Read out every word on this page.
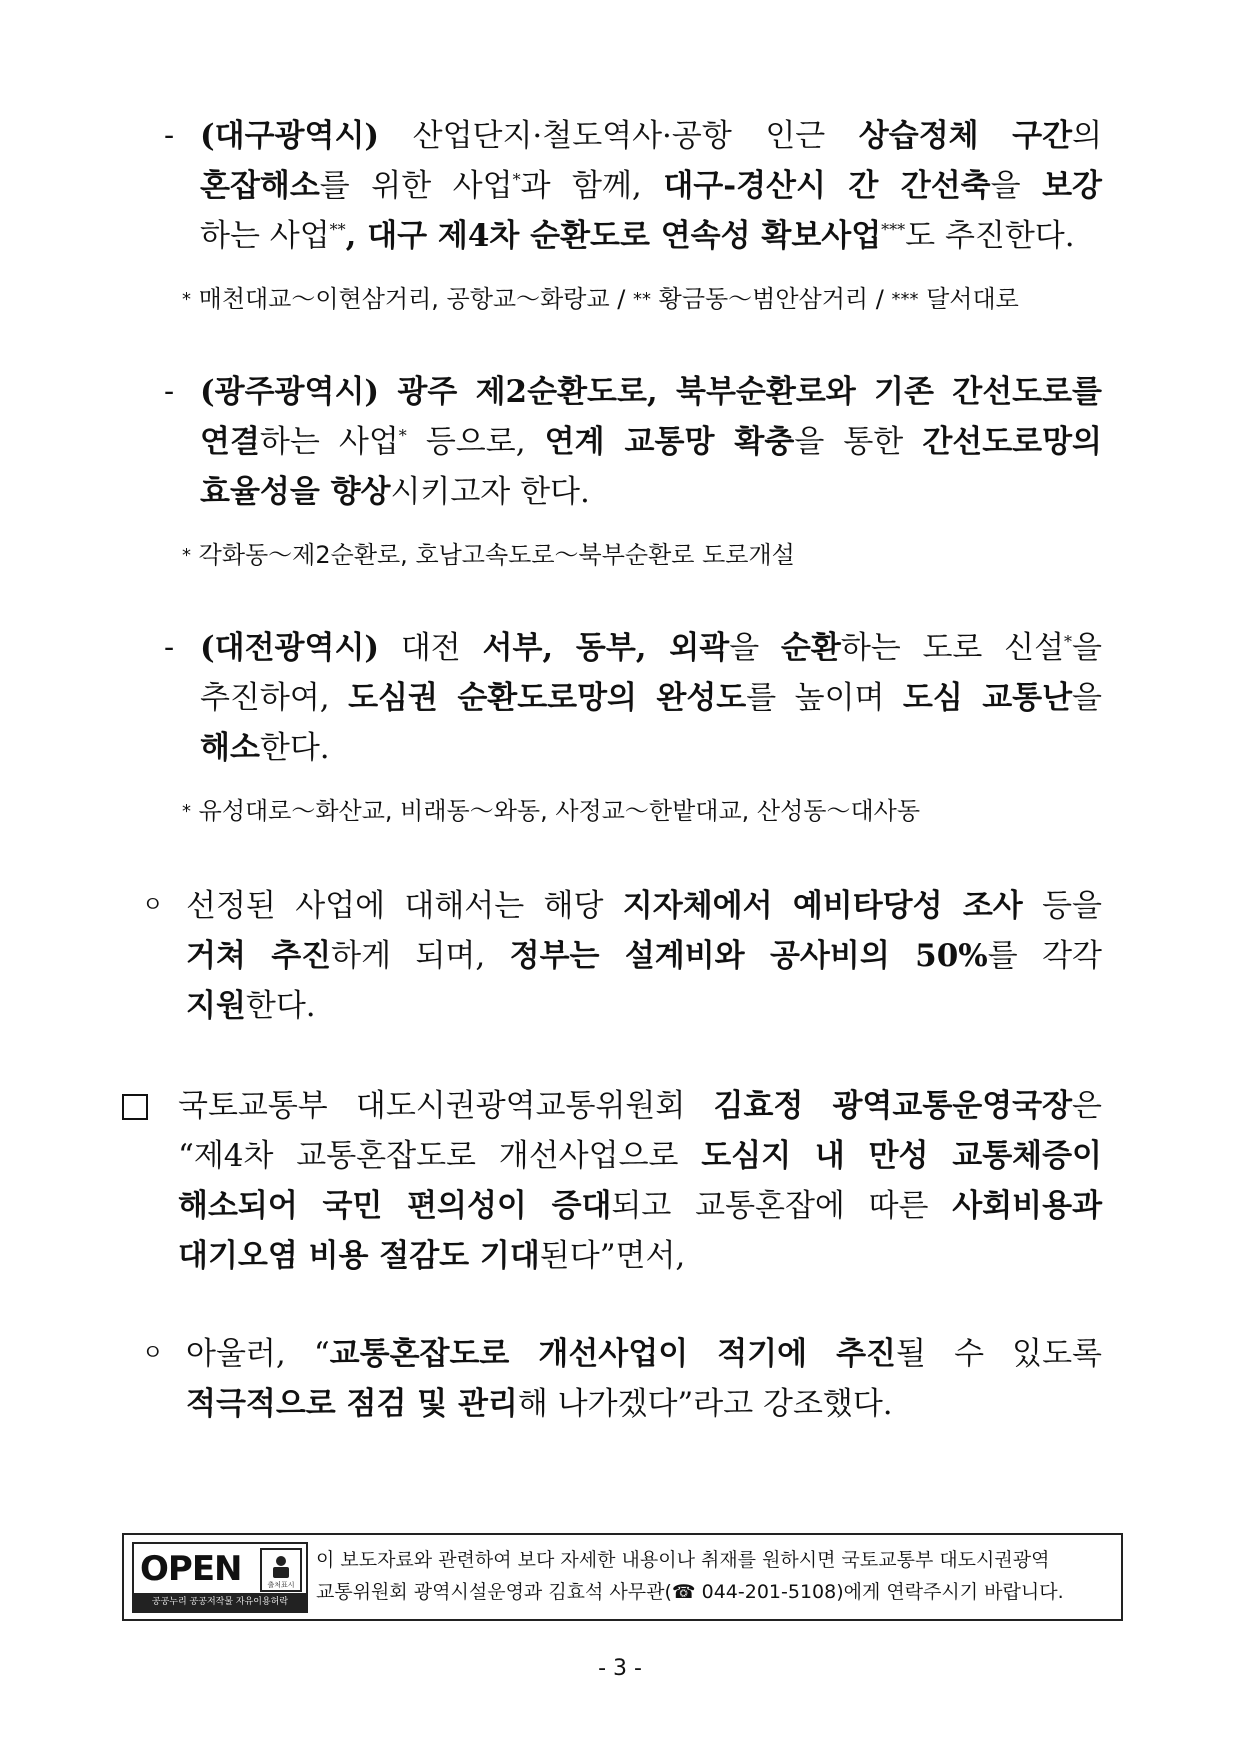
- (대구광역시) 산업단지·철도역사·공항 인근 상습정체 구간의
혼잡해소를 위한 사업*과 함께, 대구-경산시 간 간선축을 보강
하는 사업**, 대구 제4차 순환도로 연속성 확보사업***도 추진한다.
* 매천대교～이현삼거리, 공항교～화랑교 / ** 황금동～범안삼거리 / *** 달서대로
- (광주광역시) 광주 제2순환도로, 북부순환로와 기존 간선도로를
연결하는 사업* 등으로, 연계 교통망 확충을 통한 간선도로망의
효율성을 향상시키고자 한다.
* 각화동～제2순환로, 호남고속도로～북부순환로 도로개설
- (대전광역시) 대전 서부, 동부, 외곽을 순환하는 도로 신설*을
추진하여, 도심권 순환도로망의 완성도를 높이며 도심 교통난을
해소한다.
* 유성대로～화산교, 비래동～와동, 사정교～한밭대교, 산성동～대사동
ㅇ 선정된 사업에 대해서는 해당 지자체에서 예비타당성 조사 등을
거쳐 추진하게 되며, 정부는 설계비와 공사비의 50%를 각각
지원한다.
국토교통부 대도시권광역교통위원회 김효정 광역교통운영국장은
“제4차 교통혼잡도로 개선사업으로 도심지 내 만성 교통체증이
해소되어 국민 편의성이 증대되고 교통혼잡에 따른 사회비용과
대기오염 비용 절감도 기대된다”면서,
ㅇ 아울러, “교통혼잡도로 개선사업이 적기에 추진될 수 있도록
적극적으로 점검 및 관리해 나가겠다”라고 강조했다.
OPEN	출처표시
공공누리 공공저작물 자유이용허락
이 보도자료와 관련하여 보다 자세한 내용이나 취재를 원하시면 국토교통부 대도시권광역
교통위원회 광역시설운영과 김효석 사무관(☎ 044-201-5108)에게 연락주시기 바랍니다.
- 3 -
